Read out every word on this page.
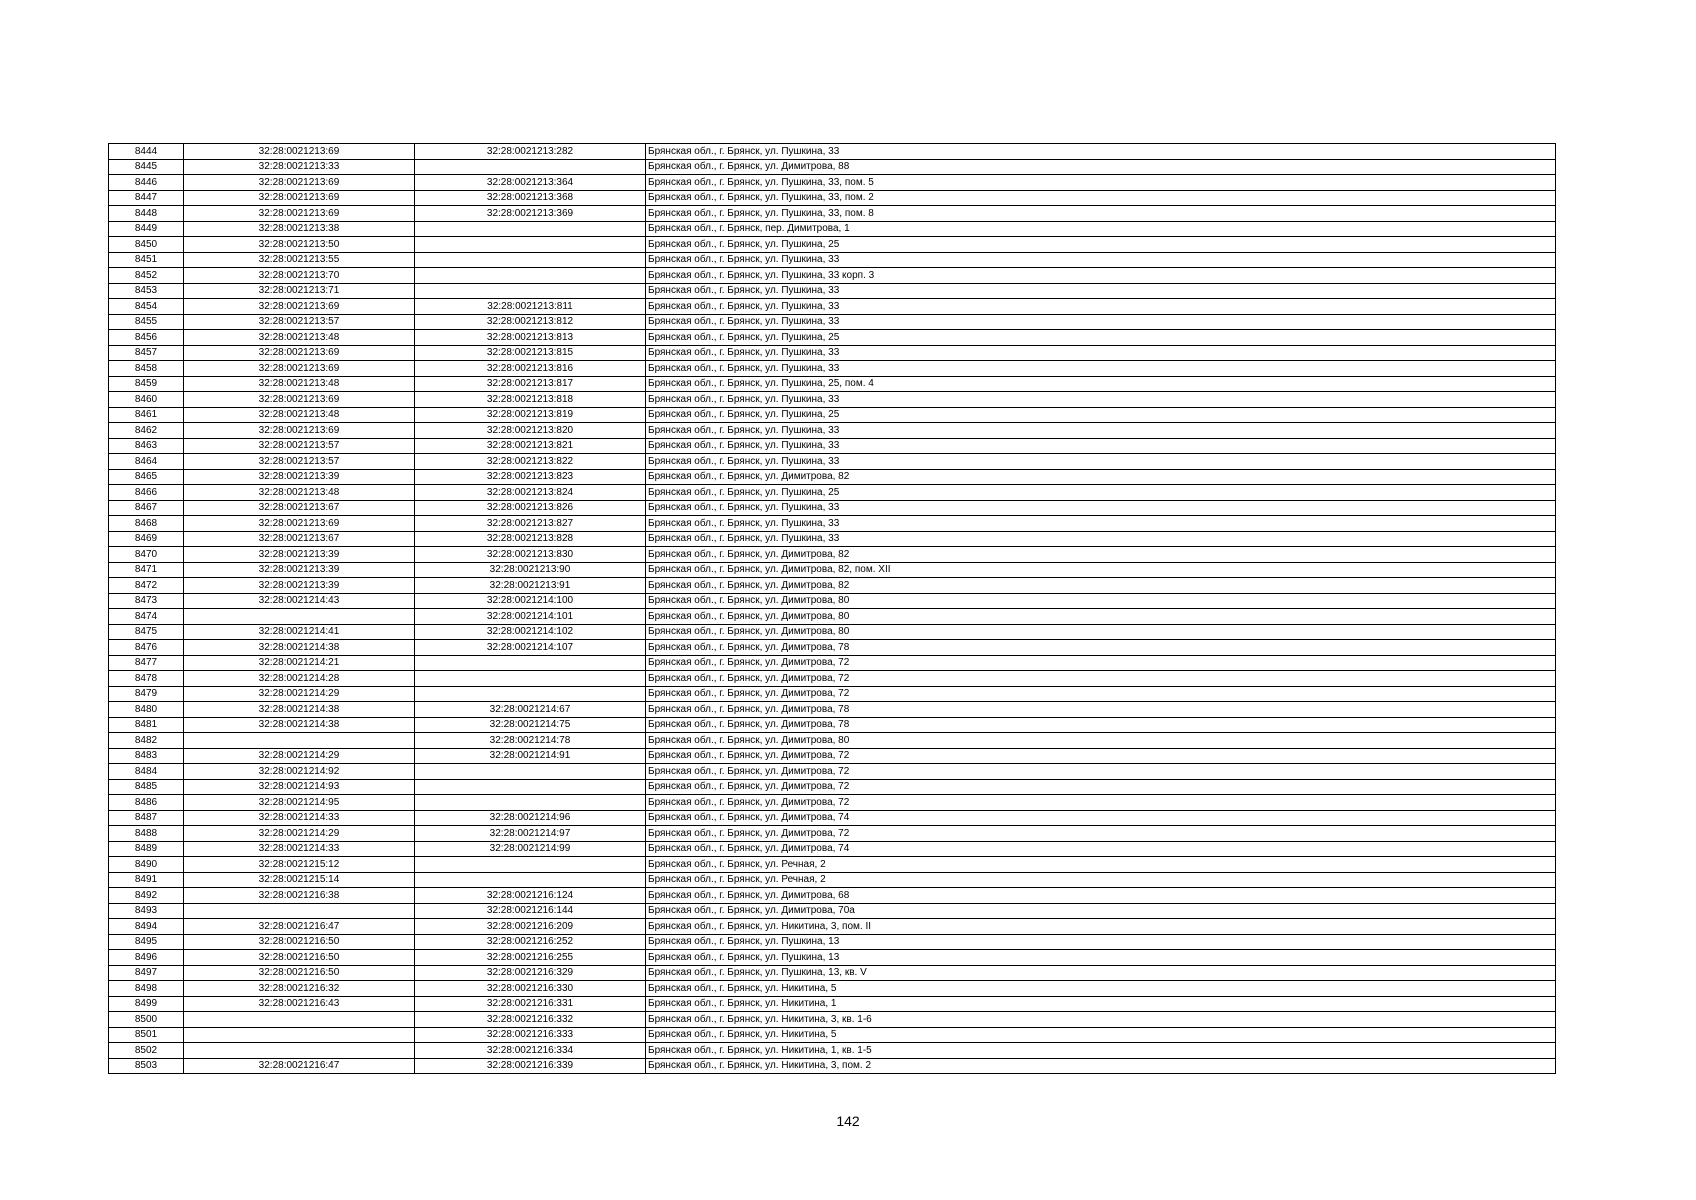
8444	32:28:0021213:69	32:28:0021213:282	Брянская обл., г. Брянск, ул. Пушкина, 33
8445	32:28:0021213:33		Брянская обл., г. Брянск, ул. Димитрова, 88
8446	32:28:0021213:69	32:28:0021213:364	Брянская обл., г. Брянск, ул. Пушкина, 33, пом. 5
8447	32:28:0021213:69	32:28:0021213:368	Брянская обл., г. Брянск, ул. Пушкина, 33, пом. 2
8448	32:28:0021213:69	32:28:0021213:369	Брянская обл., г. Брянск, ул. Пушкина, 33, пом. 8
8449	32:28:0021213:38		Брянская обл., г. Брянск, пер. Димитрова, 1
8450	32:28:0021213:50		Брянская обл., г. Брянск, ул. Пушкина, 25
8451	32:28:0021213:55		Брянская обл., г. Брянск, ул. Пушкина, 33
8452	32:28:0021213:70		Брянская обл., г. Брянск, ул. Пушкина, 33 корп. 3
8453	32:28:0021213:71		Брянская обл., г. Брянск, ул. Пушкина, 33
8454	32:28:0021213:69	32:28:0021213:811	Брянская обл., г. Брянск, ул. Пушкина, 33
8455	32:28:0021213:57	32:28:0021213:812	Брянская обл., г. Брянск, ул. Пушкина, 33
8456	32:28:0021213:48	32:28:0021213:813	Брянская обл., г. Брянск, ул. Пушкина, 25
8457	32:28:0021213:69	32:28:0021213:815	Брянская обл., г. Брянск, ул. Пушкина, 33
8458	32:28:0021213:69	32:28:0021213:816	Брянская обл., г. Брянск, ул. Пушкина, 33
8459	32:28:0021213:48	32:28:0021213:817	Брянская обл., г. Брянск, ул. Пушкина, 25, пом. 4
8460	32:28:0021213:69	32:28:0021213:818	Брянская обл., г. Брянск, ул. Пушкина, 33
8461	32:28:0021213:48	32:28:0021213:819	Брянская обл., г. Брянск, ул. Пушкина, 25
8462	32:28:0021213:69	32:28:0021213:820	Брянская обл., г. Брянск, ул. Пушкина, 33
8463	32:28:0021213:57	32:28:0021213:821	Брянская обл., г. Брянск, ул. Пушкина, 33
8464	32:28:0021213:57	32:28:0021213:822	Брянская обл., г. Брянск, ул. Пушкина, 33
8465	32:28:0021213:39	32:28:0021213:823	Брянская обл., г. Брянск, ул. Димитрова, 82
8466	32:28:0021213:48	32:28:0021213:824	Брянская обл., г. Брянск, ул. Пушкина, 25
8467	32:28:0021213:67	32:28:0021213:826	Брянская обл., г. Брянск, ул. Пушкина, 33
8468	32:28:0021213:69	32:28:0021213:827	Брянская обл., г. Брянск, ул. Пушкина, 33
8469	32:28:0021213:67	32:28:0021213:828	Брянская обл., г. Брянск, ул. Пушкина, 33
8470	32:28:0021213:39	32:28:0021213:830	Брянская обл., г. Брянск, ул. Димитрова, 82
8471	32:28:0021213:39	32:28:0021213:90	Брянская обл., г. Брянск, ул. Димитрова, 82, пом. XII
8472	32:28:0021213:39	32:28:0021213:91	Брянская обл., г. Брянск, ул. Димитрова, 82
8473	32:28:0021214:43	32:28:0021214:100	Брянская обл., г. Брянск, ул. Димитрова, 80
8474		32:28:0021214:101	Брянская обл., г. Брянск, ул. Димитрова, 80
8475	32:28:0021214:41	32:28:0021214:102	Брянская обл., г. Брянск, ул. Димитрова, 80
8476	32:28:0021214:38	32:28:0021214:107	Брянская обл., г. Брянск, ул. Димитрова, 78
8477	32:28:0021214:21		Брянская обл., г. Брянск, ул. Димитрова, 72
8478	32:28:0021214:28		Брянская обл., г. Брянск, ул. Димитрова, 72
8479	32:28:0021214:29		Брянская обл., г. Брянск, ул. Димитрова, 72
8480	32:28:0021214:38	32:28:0021214:67	Брянская обл., г. Брянск, ул. Димитрова, 78
8481	32:28:0021214:38	32:28:0021214:75	Брянская обл., г. Брянск, ул. Димитрова, 78
8482		32:28:0021214:78	Брянская обл., г. Брянск, ул. Димитрова, 80
8483	32:28:0021214:29	32:28:0021214:91	Брянская обл., г. Брянск, ул. Димитрова, 72
8484	32:28:0021214:92		Брянская обл., г. Брянск, ул. Димитрова, 72
8485	32:28:0021214:93		Брянская обл., г. Брянск, ул. Димитрова, 72
8486	32:28:0021214:95		Брянская обл., г. Брянск, ул. Димитрова, 72
8487	32:28:0021214:33	32:28:0021214:96	Брянская обл., г. Брянск, ул. Димитрова, 74
8488	32:28:0021214:29	32:28:0021214:97	Брянская обл., г. Брянск, ул. Димитрова, 72
8489	32:28:0021214:33	32:28:0021214:99	Брянская обл., г. Брянск, ул. Димитрова, 74
8490	32:28:0021215:12		Брянская обл., г. Брянск, ул. Речная, 2
8491	32:28:0021215:14		Брянская обл., г. Брянск, ул. Речная, 2
8492	32:28:0021216:38	32:28:0021216:124	Брянская обл., г. Брянск, ул. Димитрова, 68
8493		32:28:0021216:144	Брянская обл., г. Брянск, ул. Димитрова, 70а
8494	32:28:0021216:47	32:28:0021216:209	Брянская обл., г. Брянск, ул. Никитина, 3, пом. II
8495	32:28:0021216:50	32:28:0021216:252	Брянская обл., г. Брянск, ул. Пушкина, 13
8496	32:28:0021216:50	32:28:0021216:255	Брянская обл., г. Брянск, ул. Пушкина, 13
8497	32:28:0021216:50	32:28:0021216:329	Брянская обл., г. Брянск, ул. Пушкина, 13, кв. V
8498	32:28:0021216:32	32:28:0021216:330	Брянская обл., г. Брянск, ул. Никитина, 5
8499	32:28:0021216:43	32:28:0021216:331	Брянская обл., г. Брянск, ул. Никитина, 1
8500		32:28:0021216:332	Брянская обл., г. Брянск, ул. Никитина, 3, кв. 1-6
8501		32:28:0021216:333	Брянская обл., г. Брянск, ул. Никитина, 5
8502		32:28:0021216:334	Брянская обл., г. Брянск, ул. Никитина, 1, кв. 1-5
8503	32:28:0021216:47	32:28:0021216:339	Брянская обл., г. Брянск, ул. Никитина, 3, пом. 2
142
